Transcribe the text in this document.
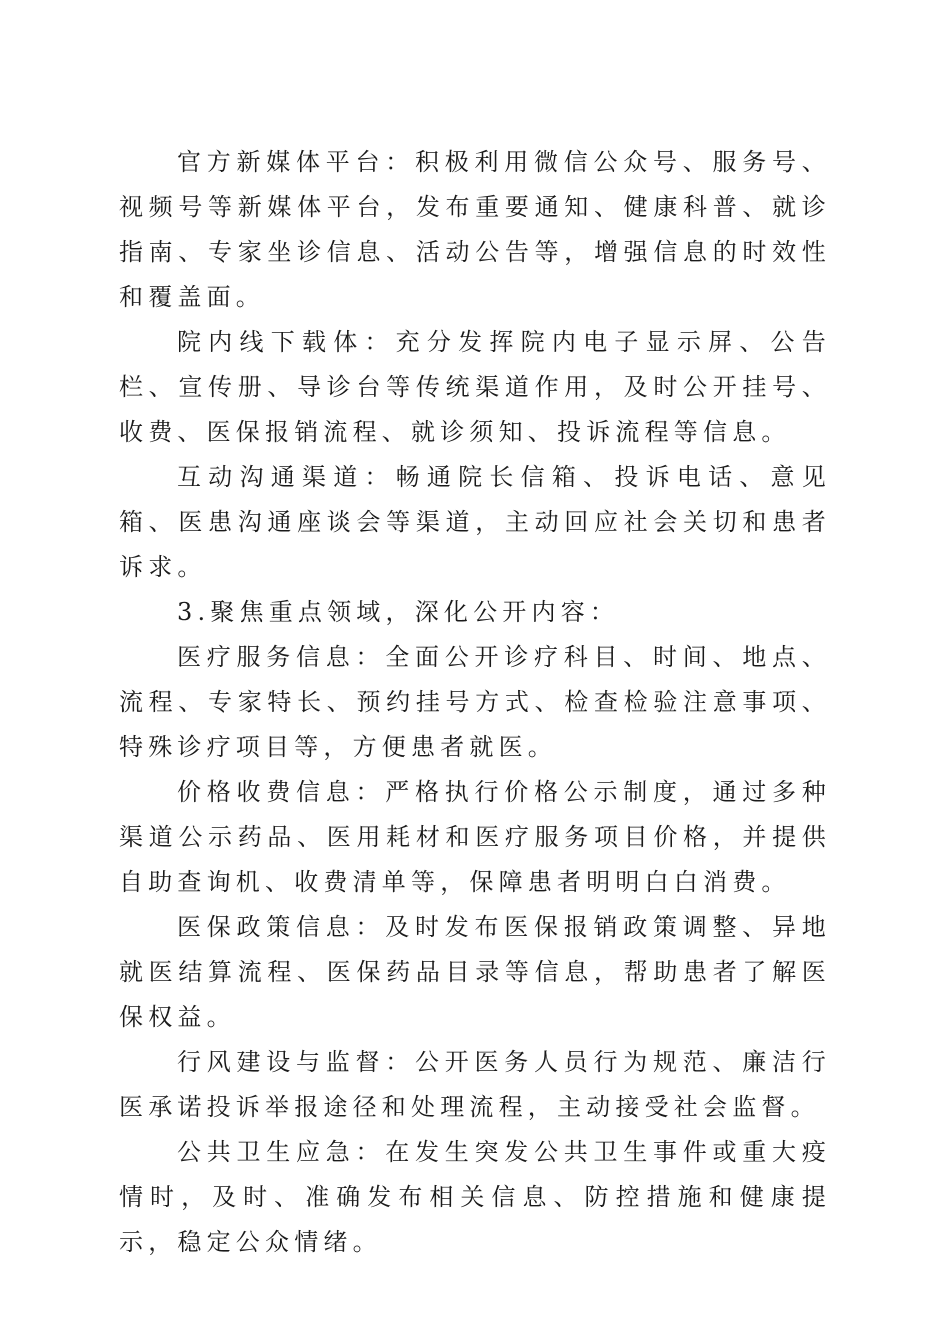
官方新媒体平台：积极利用微信公众号、服务号、视频号等新媒体平台，发布重要通知、健康科普、就诊指南、专家坐诊信息、活动公告等，增强信息的时效性和覆盖面。

院内线下载体：充分发挥院内电子显示屏、公告栏、宣传册、导诊台等传统渠道作用，及时公开挂号、收费、医保报销流程、就诊须知、投诉流程等信息。

互动沟通渠道：畅通院长信箱、投诉电话、意见箱、医患沟通座谈会等渠道，主动回应社会关切和患者诉求。

3.聚焦重点领域，深化公开内容：

医疗服务信息：全面公开诊疗科目、时间、地点、流程、专家特长、预约挂号方式、检查检验注意事项、特殊诊疗项目等，方便患者就医。

价格收费信息：严格执行价格公示制度，通过多种渠道公示药品、医用耗材和医疗服务项目价格，并提供自助查询机、收费清单等，保障患者明明白白消费。

医保政策信息：及时发布医保报销政策调整、异地就医结算流程、医保药品目录等信息，帮助患者了解医保权益。

行风建设与监督：公开医务人员行为规范、廉洁行医承诺投诉举报途径和处理流程，主动接受社会监督。

公共卫生应急：在发生突发公共卫生事件或重大疫情时，及时、准确发布相关信息、防控措施和健康提示，稳定公众情绪。
